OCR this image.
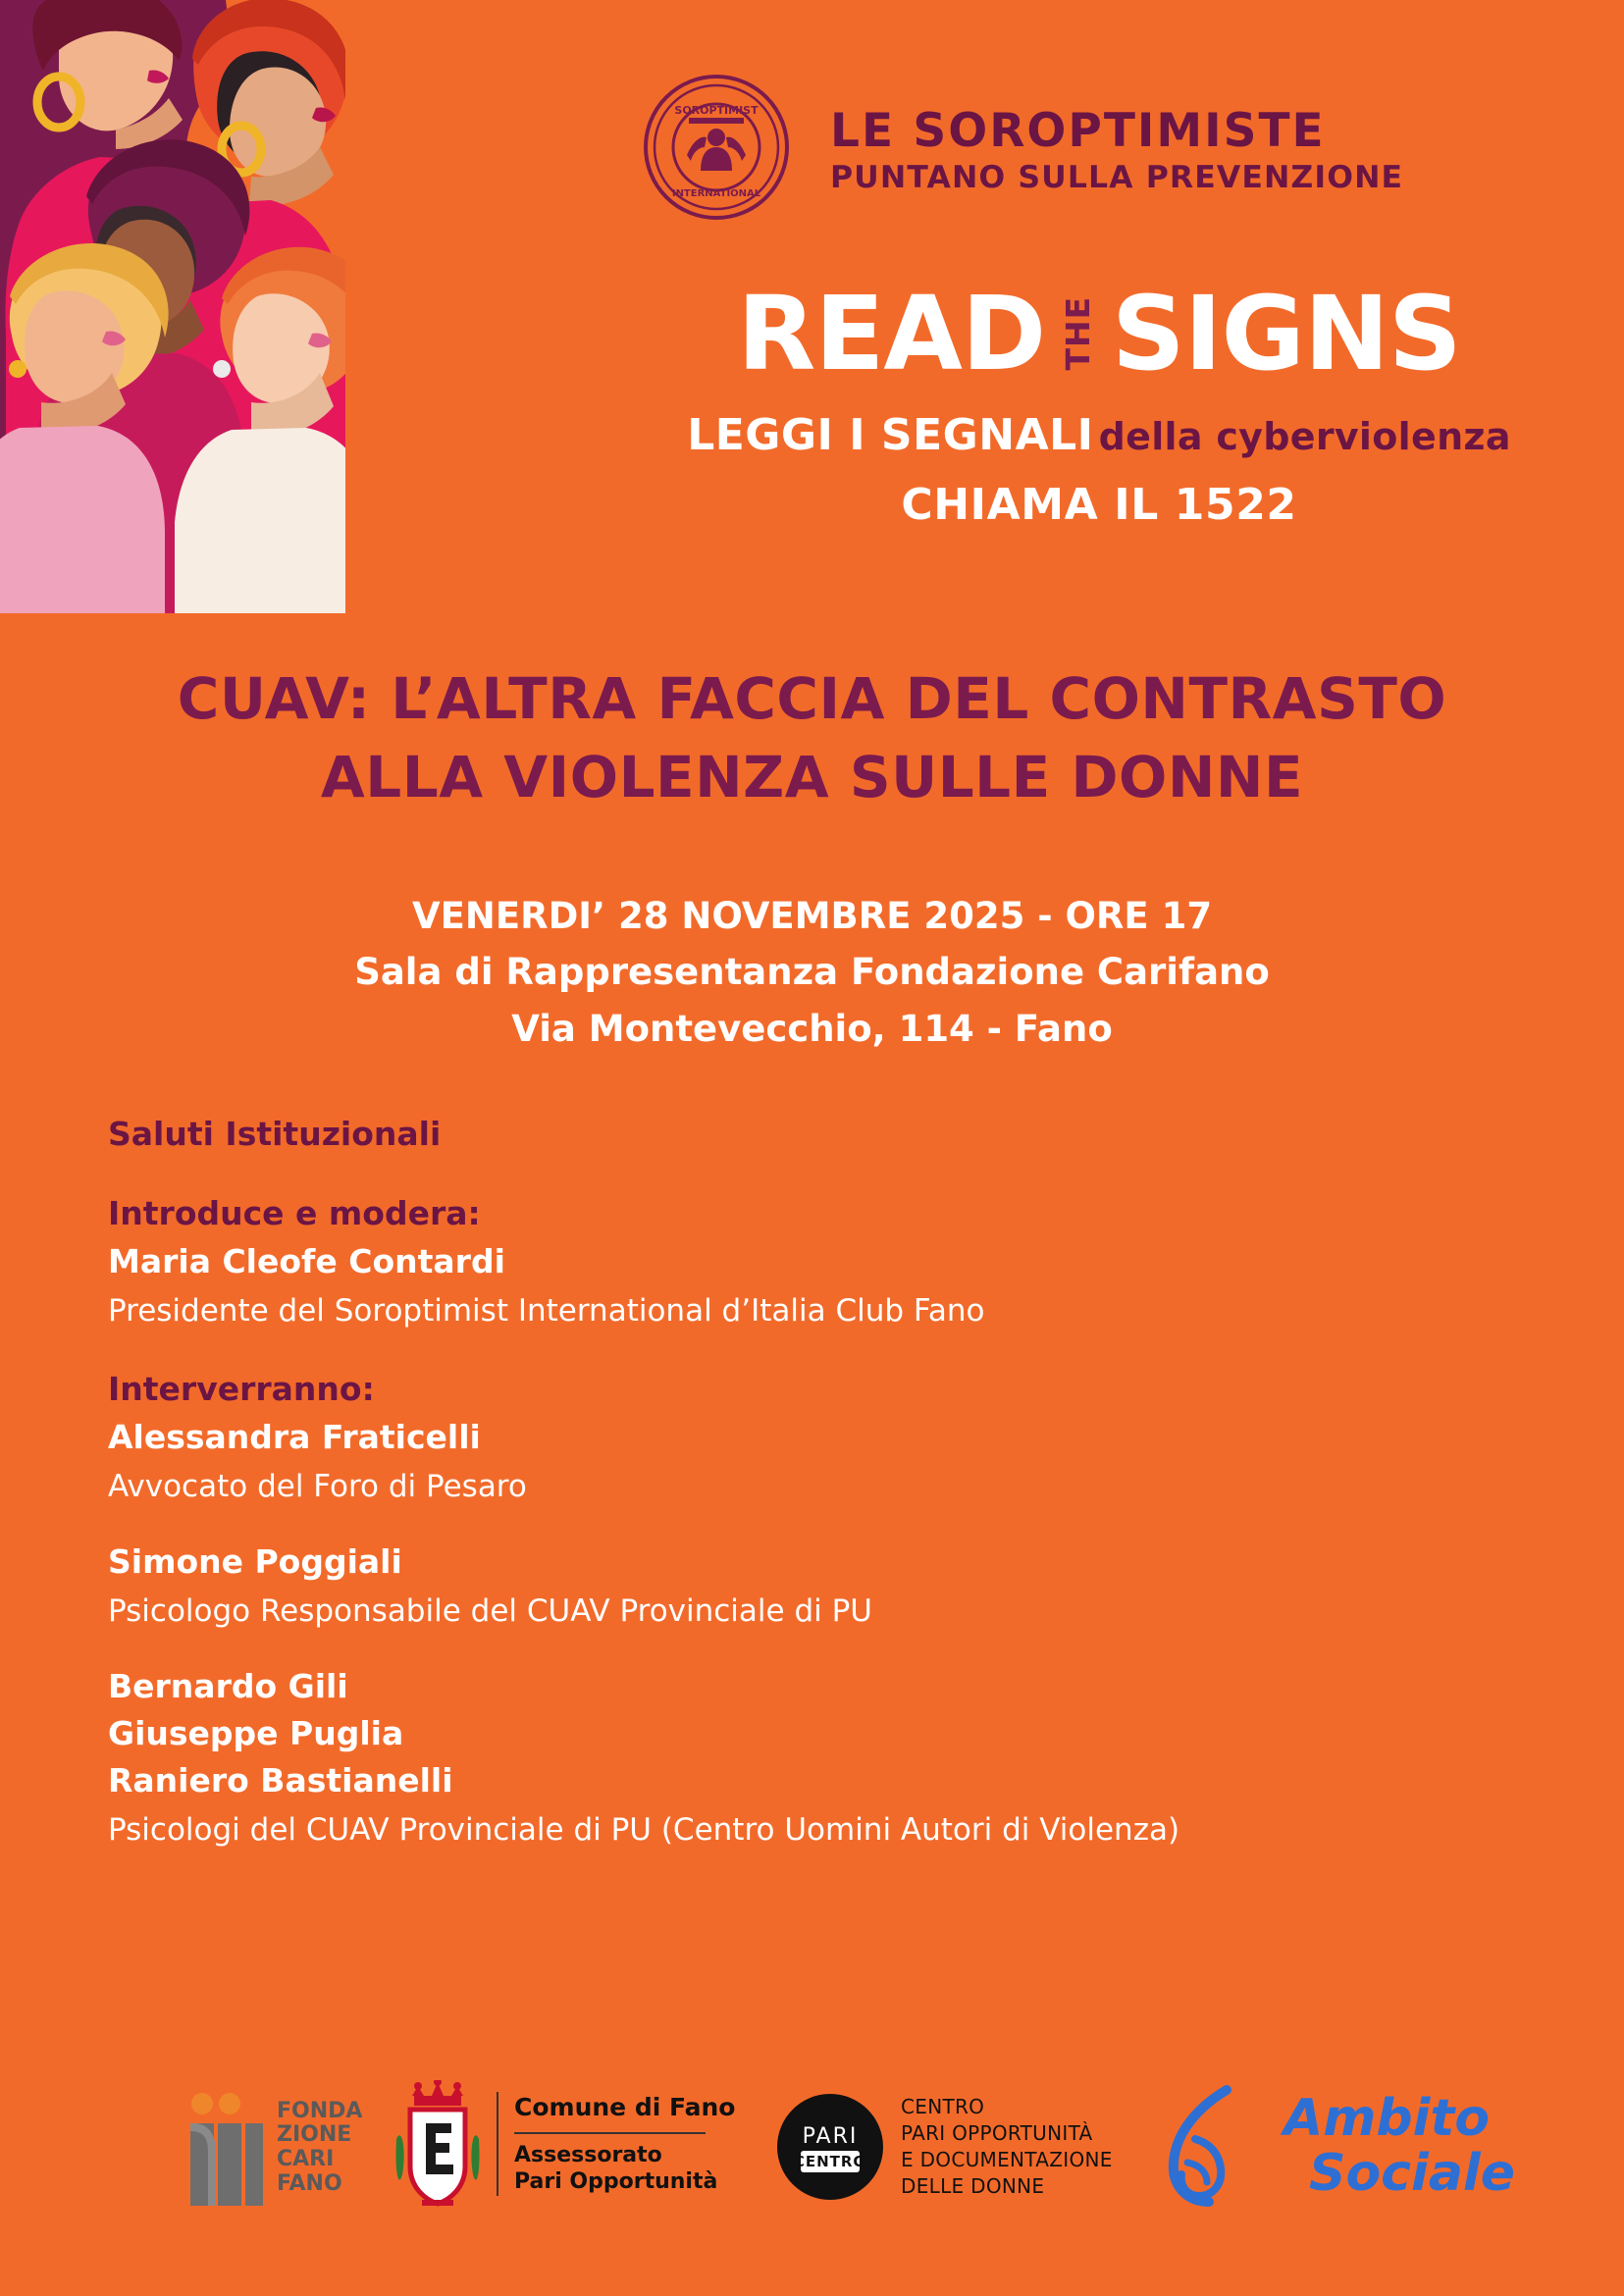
SOROPTIMIST
INTERNATIONAL
LE SOROPTIMISTE
PUNTANO SULLA PREVENZIONE
READ THE SIGNS
LEGGI I SEGNALI della cyberviolenza
CHIAMA IL 1522
CUAV: L’ALTRA FACCIA DEL CONTRASTO
ALLA VIOLENZA SULLE DONNE
VENERDI’ 28 NOVEMBRE 2025 - ORE 17
Sala di Rappresentanza Fondazione Carifano
Via Montevecchio, 114 - Fano
Saluti Istituzionali
Introduce e modera:
Maria Cleofe Contardi
Presidente del Soroptimist International d’Italia Club Fano
Interverranno:
Alessandra Fraticelli
Avvocato del Foro di Pesaro
Simone Poggiali
Psicologo Responsabile del CUAV Provinciale di PU
Bernardo Gili
Giuseppe Puglia
Raniero Bastianelli
Psicologi del CUAV Provinciale di PU (Centro Uomini Autori di Violenza)
FONDA
ZIONE
CARI
FANO
Comune di Fano
Assessorato
Pari Opportunità
PARI
CENTRO
CENTRO
PARI OPPORTUNITÀ
E DOCUMENTAZIONE
DELLE DONNE
Ambito
Sociale
